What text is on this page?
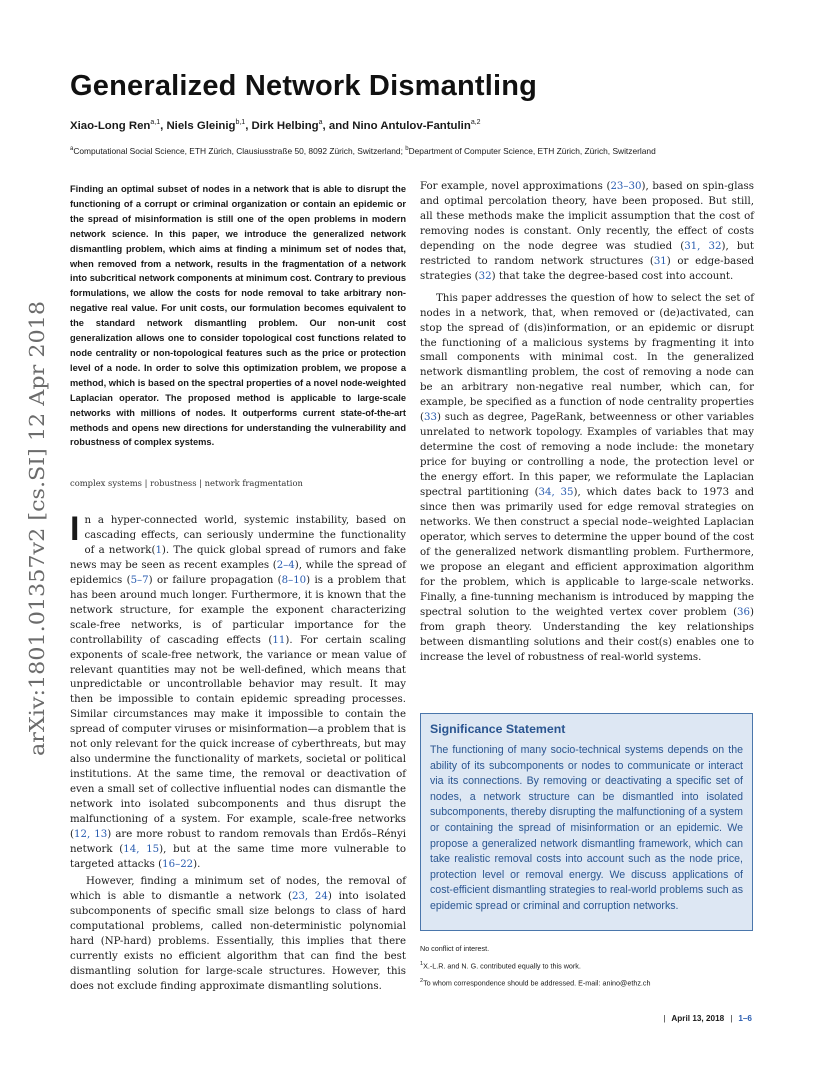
arXiv:1801.01357v2 [cs.SI] 12 Apr 2018
Generalized Network Dismantling
Xiao-Long Ren$^{a,1}$, Niels Gleinig$^{b,1}$, Dirk Helbing$^a$, and Nino Antulov-Fantulin$^{a,2}$
$^a$Computational Social Science, ETH Zürich, Clausiusstraße 50, 8092 Zürich, Switzerland; $^b$Department of Computer Science, ETH Zürich, Zürich, Switzerland

Finding an optimal subset of nodes in a network that is able to disrupt the functioning of a corrupt or criminal organization or contain an epidemic or the spread of misinformation is still one of the open problems in modern network science. In this paper, we introduce the generalized network dismantling problem, which aims at finding a minimum set of nodes that, when removed from a network, results in the fragmentation of a network into subcritical network components at minimum cost. Contrary to previous formulations, we allow the costs for node removal to take arbitrary non-negative real value. For unit costs, our formulation becomes equivalent to the standard network dismantling problem. Our non-unit cost generalization allows one to consider topological cost functions related to node centrality or non-topological features such as the price or protection level of a node. In order to solve this optimization problem, we propose a method, which is based on the spectral properties of a novel node-weighted Laplacian operator. The proposed method is applicable to large-scale networks with millions of nodes. It outperforms current state-of-the-art methods and opens new directions for understanding the vulnerability and robustness of complex systems.

complex systems | robustness | network fragmentation

In a hyper-connected world, systemic instability, based on cascading effects, can seriously undermine the functionality of a network(1). The quick global spread of rumors and fake news may be seen as recent examples (2–4), while the spread of epidemics (5–7) or failure propagation (8–10) is a problem that has been around much longer. Furthermore, it is known that the network structure, for example the exponent characterizing scale-free networks, is of particular importance for the controllability of cascading effects (11). For certain scaling exponents of scale-free network, the variance or mean value of relevant quantities may not be well-defined, which means that unpredictable or uncontrollable behavior may result. It may then be impossible to contain epidemic spreading processes. Similar circumstances may make it impossible to contain the spread of computer viruses or misinformation—a problem that is not only relevant for the quick increase of cyberthreats, but may also undermine the functionality of markets, societal or political institutions. At the same time, the removal or deactivation of even a small set of collective influential nodes can dismantle the network into isolated subcomponents and thus disrupt the malfunctioning of a system. For example, scale-free networks (12, 13) are more robust to random removals than Erdős–Rényi network (14, 15), but at the same time more vulnerable to targeted attacks (16–22).

However, finding a minimum set of nodes, the removal of which is able to dismantle a network (23, 24) into isolated subcomponents of specific small size belongs to class of hard computational problems, called non-deterministic polynomial hard (NP-hard) problems. Essentially, this implies that there currently exists no efficient algorithm that can find the best dismantling solution for large-scale structures. However, this does not exclude finding approximate dismantling solutions.

For example, novel approximations (23–30), based on spin-glass and optimal percolation theory, have been proposed. But still, all these methods make the implicit assumption that the cost of removing nodes is constant. Only recently, the effect of costs depending on the node degree was studied (31, 32), but restricted to random network structures (31) or edge-based strategies (32) that take the degree-based cost into account.

This paper addresses the question of how to select the set of nodes in a network, that, when removed or (de)activated, can stop the spread of (dis)information, or an epidemic or disrupt the functioning of a malicious systems by fragmenting it into small components with minimal cost. In the generalized network dismantling problem, the cost of removing a node can be an arbitrary non-negative real number, which can, for example, be specified as a function of node centrality properties (33) such as degree, PageRank, betweenness or other variables unrelated to network topology. Examples of variables that may determine the cost of removing a node include: the monetary price for buying or controlling a node, the protection level or the energy effort. In this paper, we reformulate the Laplacian spectral partitioning (34, 35), which dates back to 1973 and since then was primarily used for edge removal strategies on networks. We then construct a special node–weighted Laplacian operator, which serves to determine the upper bound of the cost of the generalized network dismantling problem. Furthermore, we propose an elegant and efficient approximation algorithm for the problem, which is applicable to large-scale networks. Finally, a fine-tunning mechanism is introduced by mapping the spectral solution to the weighted vertex cover problem (36) from graph theory. Understanding the key relationships between dismantling solutions and their cost(s) enables one to increase the level of robustness of real-world systems.

Significance Statement

The functioning of many socio-technical systems depends on the ability of its subcomponents or nodes to communicate or interact via its connections. By removing or deactivating a specific set of nodes, a network structure can be dismantled into isolated subcomponents, thereby disrupting the malfunctioning of a system or containing the spread of misinformation or an epidemic. We propose a generalized network dismantling framework, which can take realistic removal costs into account such as the node price, protection level or removal energy. We discuss applications of cost-efficient dismantling strategies to real-world problems such as epidemic spread or criminal and corruption networks.

No conflict of interest.

$^1$X.-L.R. and N. G. contributed equally to this work.

$^2$To whom correspondence should be addressed. E-mail: anino@ethz.ch

| April 13, 2018 | 1–6
